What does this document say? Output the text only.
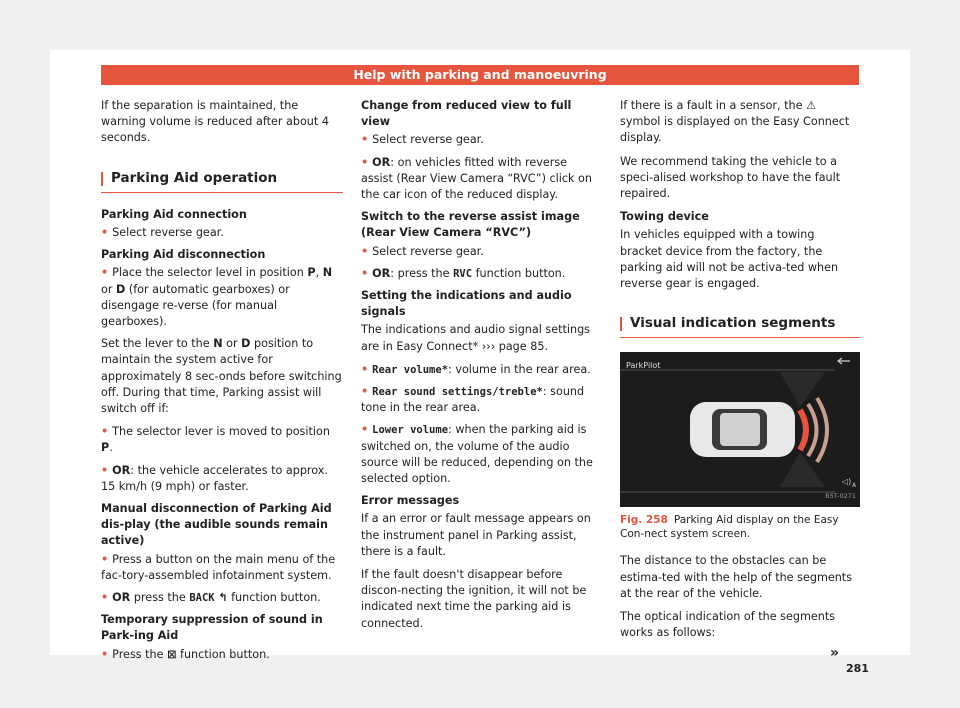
Help with parking and manoeuvring

If the separation is maintained, the warning volume is reduced after about 4 seconds.

Parking Aid operation

Parking Aid connection

• Select reverse gear.

Parking Aid disconnection

• Place the selector level in position P, N or D (for automatic gearboxes) or disengage re-verse (for manual gearboxes).

Set the lever to the N or D position to maintain the system active for approximately 8 sec-onds before switching off. During that time, Parking assist will switch off if:

• The selector lever is moved to position P.

• OR: the vehicle accelerates to approx. 15 km/h (9 mph) or faster.

Manual disconnection of Parking Aid dis-play (the audible sounds remain active)

• Press a button on the main menu of the fac-tory-assembled infotainment system.

• OR press the BACK ↰ function button.

Temporary suppression of sound in Park-ing Aid

• Press the ⊠ function button.

Change from reduced view to full view

• Select reverse gear.

• OR: on vehicles fitted with reverse assist (Rear View Camera “RVC”) click on the car icon of the reduced display.

Switch to the reverse assist image (Rear View Camera “RVC”)

• Select reverse gear.

• OR: press the RVC function button.

Setting the indications and audio signals

The indications and audio signal settings are in Easy Connect* ››› page 85.

• Rear volume*: volume in the rear area.

• Rear sound settings/treble*: sound tone in the rear area.

• Lower volume: when the parking aid is switched on, the volume of the audio source will be reduced, depending on the selected option.

Error messages

If a an error or fault message appears on the instrument panel in Parking assist, there is a fault.

If the fault doesn't disappear before discon-necting the ignition, it will not be indicated next time the parking aid is connected.

If there is a fault in a sensor, the ⚠ symbol is displayed on the Easy Connect display.

We recommend taking the vehicle to a speci-alised workshop to have the fault repaired.

Towing device

In vehicles equipped with a towing bracket device from the factory, the parking aid will not be activa-ted when reverse gear is engaged.

Visual indication segments
ParkPilot
◁) A
B5T-0271

Fig. 258 Parking Aid display on the Easy Con-nect system screen.

The distance to the obstacles can be estima-ted with the help of the segments at the rear of the vehicle.

The optical indication of the segments works as follows:

»
281
